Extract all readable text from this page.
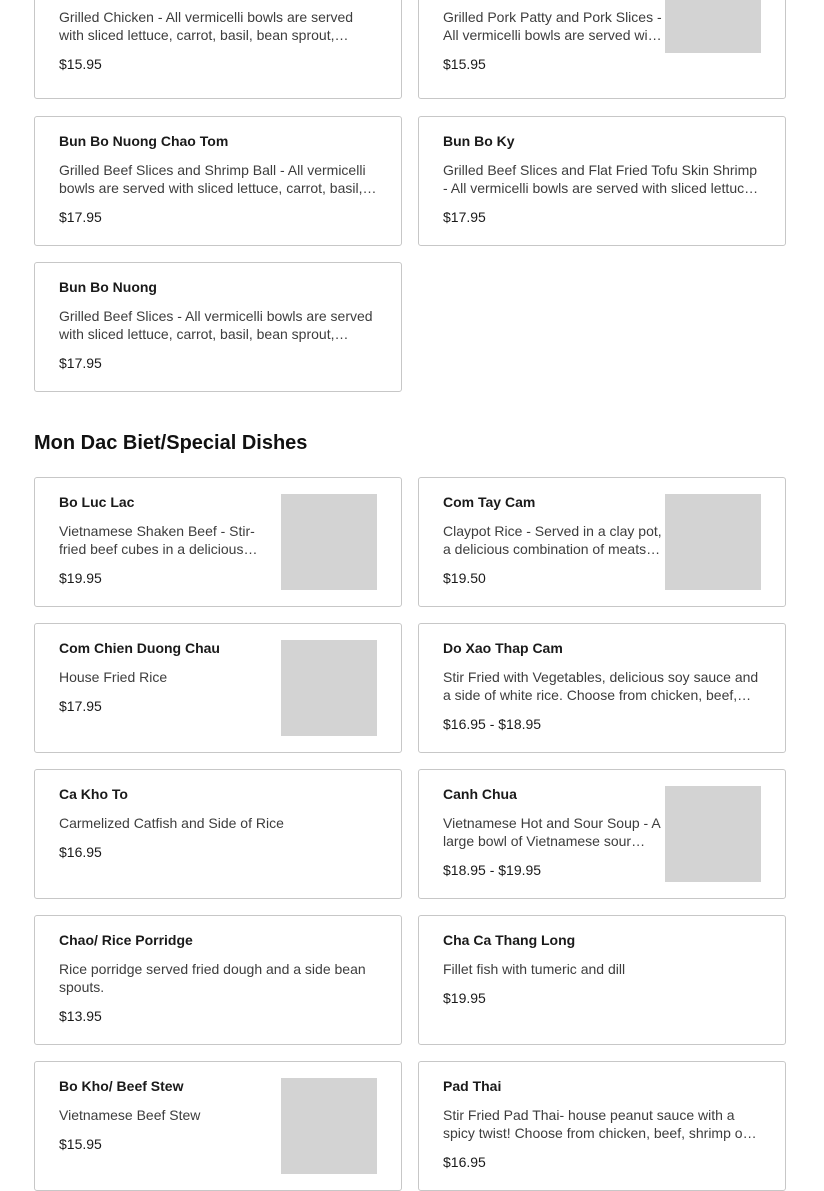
Grilled Chicken - All vermicelli bowls are served with sliced lettuce, carrot, basil, bean sprout,
$15.95
Grilled Pork Patty and Pork Slices - All vermicelli bowls are served with
$15.95
Bun Bo Nuong Chao Tom
Grilled Beef Slices and Shrimp Ball - All vermicelli bowls are served with sliced lettuce, carrot, basil,
$17.95
Bun Bo Ky
Grilled Beef Slices and Flat Fried Tofu Skin Shrimp - All vermicelli bowls are served with sliced lettuce,
$17.95
Bun Bo Nuong
Grilled Beef Slices - All vermicelli bowls are served with sliced lettuce, carrot, basil, bean sprout,
$17.95
Mon Dac Biet/Special Dishes
Bo Luc Lac
Vietnamese Shaken Beef - Stir-fried beef cubes in a delicious
$19.95
Com Tay Cam
Claypot Rice - Served in a clay pot, a delicious combination of meats
$19.50
Com Chien Duong Chau
House Fried Rice
$17.95
Do Xao Thap Cam
Stir Fried with Vegetables, delicious soy sauce and a side of white rice. Choose from chicken, beef,
$16.95 - $18.95
Ca Kho To
Carmelized Catfish and Side of Rice
$16.95
Canh Chua
Vietnamese Hot and Sour Soup - A large bowl of Vietnamese sour
$18.95 - $19.95
Chao/ Rice Porridge
Rice porridge served fried dough and a side bean spouts.
$13.95
Cha Ca Thang Long
Fillet fish with tumeric and dill
$19.95
Bo Kho/ Beef Stew
Vietnamese Beef Stew
$15.95
Pad Thai
Stir Fried Pad Thai- house peanut sauce with a spicy twist! Choose from chicken, beef, shrimp or
$16.95
